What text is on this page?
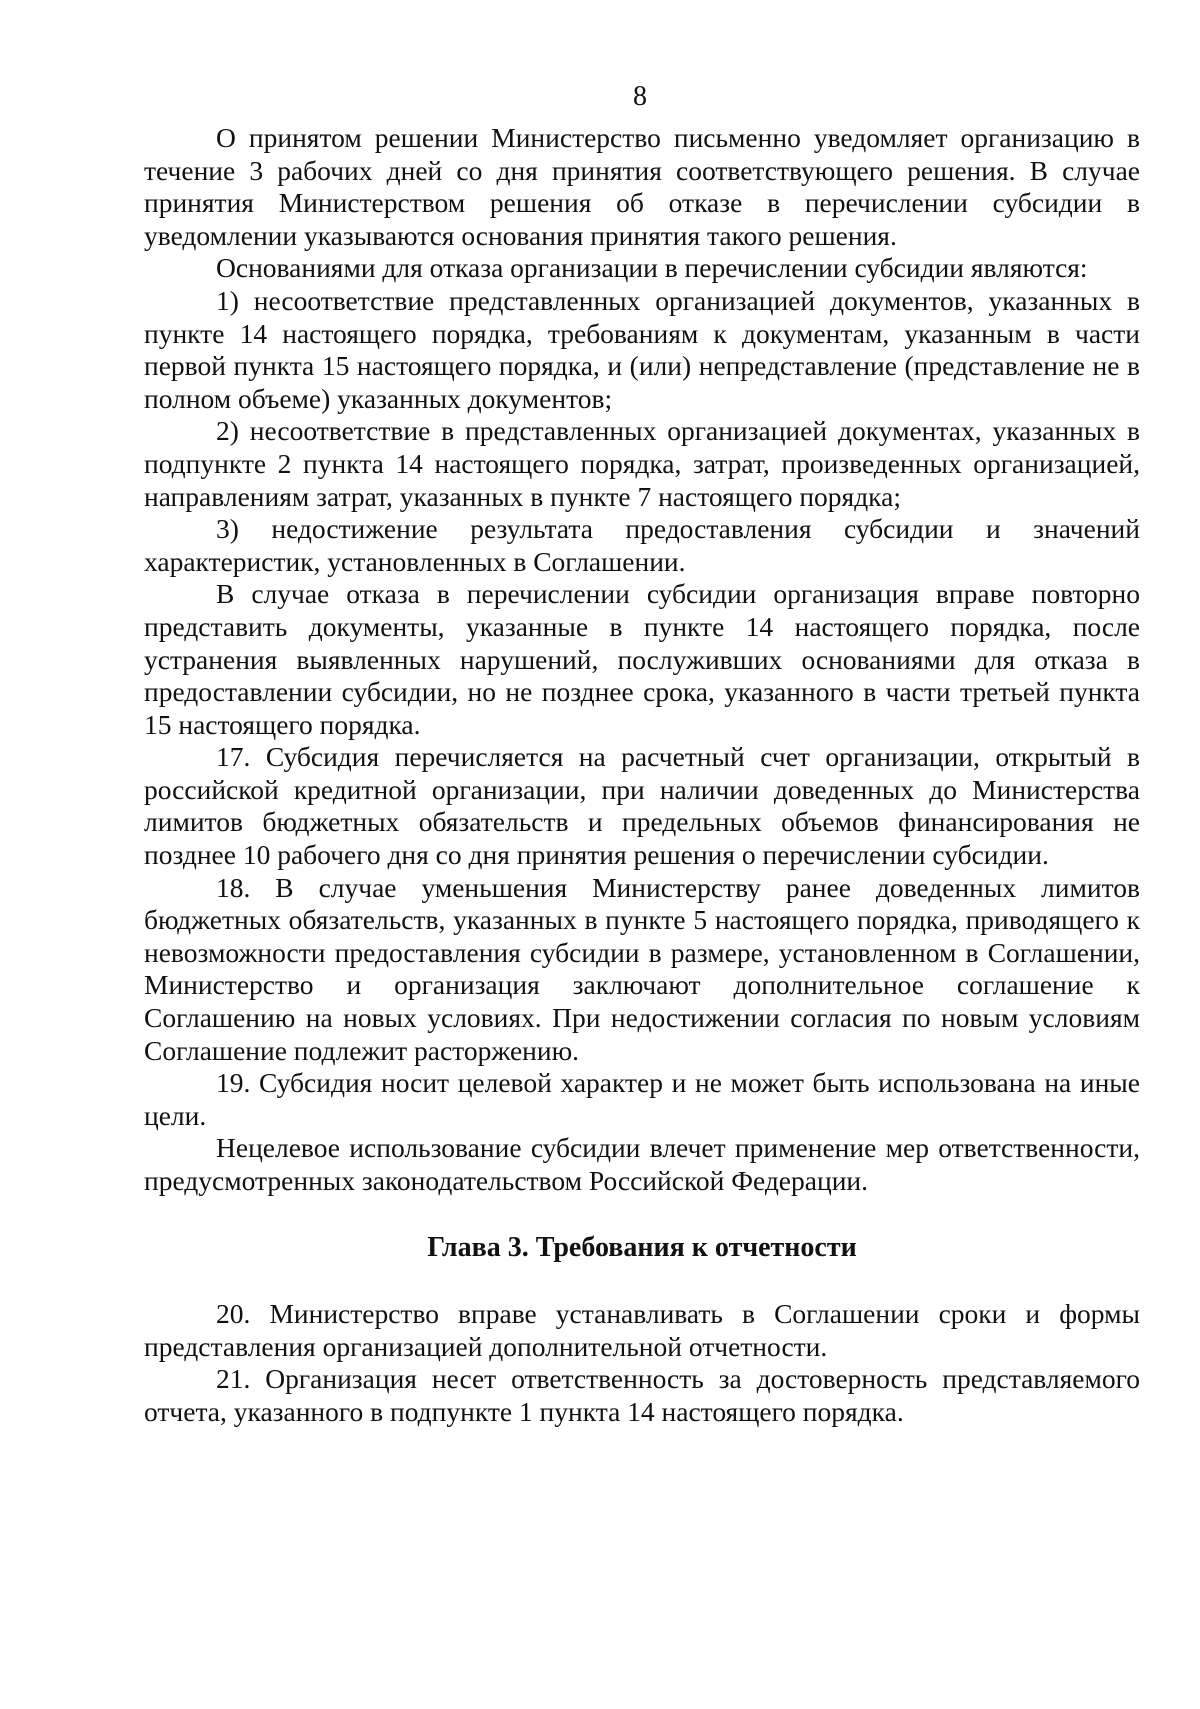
8

О принятом решении Министерство письменно уведомляет организацию в течение 3 рабочих дней со дня принятия соответствующего решения. В случае принятия Министерством решения об отказе в перечислении субсидии в уведомлении указываются основания принятия такого решения.

Основаниями для отказа организации в перечислении субсидии являются:

1) несоответствие представленных организацией документов, указанных в пункте 14 настоящего порядка, требованиям к документам, указанным в части первой пункта 15 настоящего порядка, и (или) непредставление (представление не в полном объеме) указанных документов;

2) несоответствие в представленных организацией документах, указанных в подпункте 2 пункта 14 настоящего порядка, затрат, произведенных организацией, направлениям затрат, указанных в пункте 7 настоящего порядка;

3) недостижение результата предоставления субсидии и значений характеристик, установленных в Соглашении.

В случае отказа в перечислении субсидии организация вправе повторно представить документы, указанные в пункте 14 настоящего порядка, после устранения выявленных нарушений, послуживших основаниями для отказа в предоставлении субсидии, но не позднее срока, указанного в части третьей пункта 15 настоящего порядка.

17. Субсидия перечисляется на расчетный счет организации, открытый в российской кредитной организации, при наличии доведенных до Министерства лимитов бюджетных обязательств и предельных объемов финансирования не позднее 10 рабочего дня со дня принятия решения о перечислении субсидии.

18. В случае уменьшения Министерству ранее доведенных лимитов бюджетных обязательств, указанных в пункте 5 настоящего порядка, приводящего к невозможности предоставления субсидии в размере, установленном в Соглашении, Министерство и организация заключают дополнительное соглашение к Соглашению на новых условиях. При недостижении согласия по новым условиям Соглашение подлежит расторжению.

19. Субсидия носит целевой характер и не может быть использована на иные цели.

Нецелевое использование субсидии влечет применение мер ответственности, предусмотренных законодательством Российской Федерации.

Глава 3. Требования к отчетности

20. Министерство вправе устанавливать в Соглашении сроки и формы представления организацией дополнительной отчетности.

21. Организация несет ответственность за достоверность представляемого отчета, указанного в подпункте 1 пункта 14 настоящего порядка.
